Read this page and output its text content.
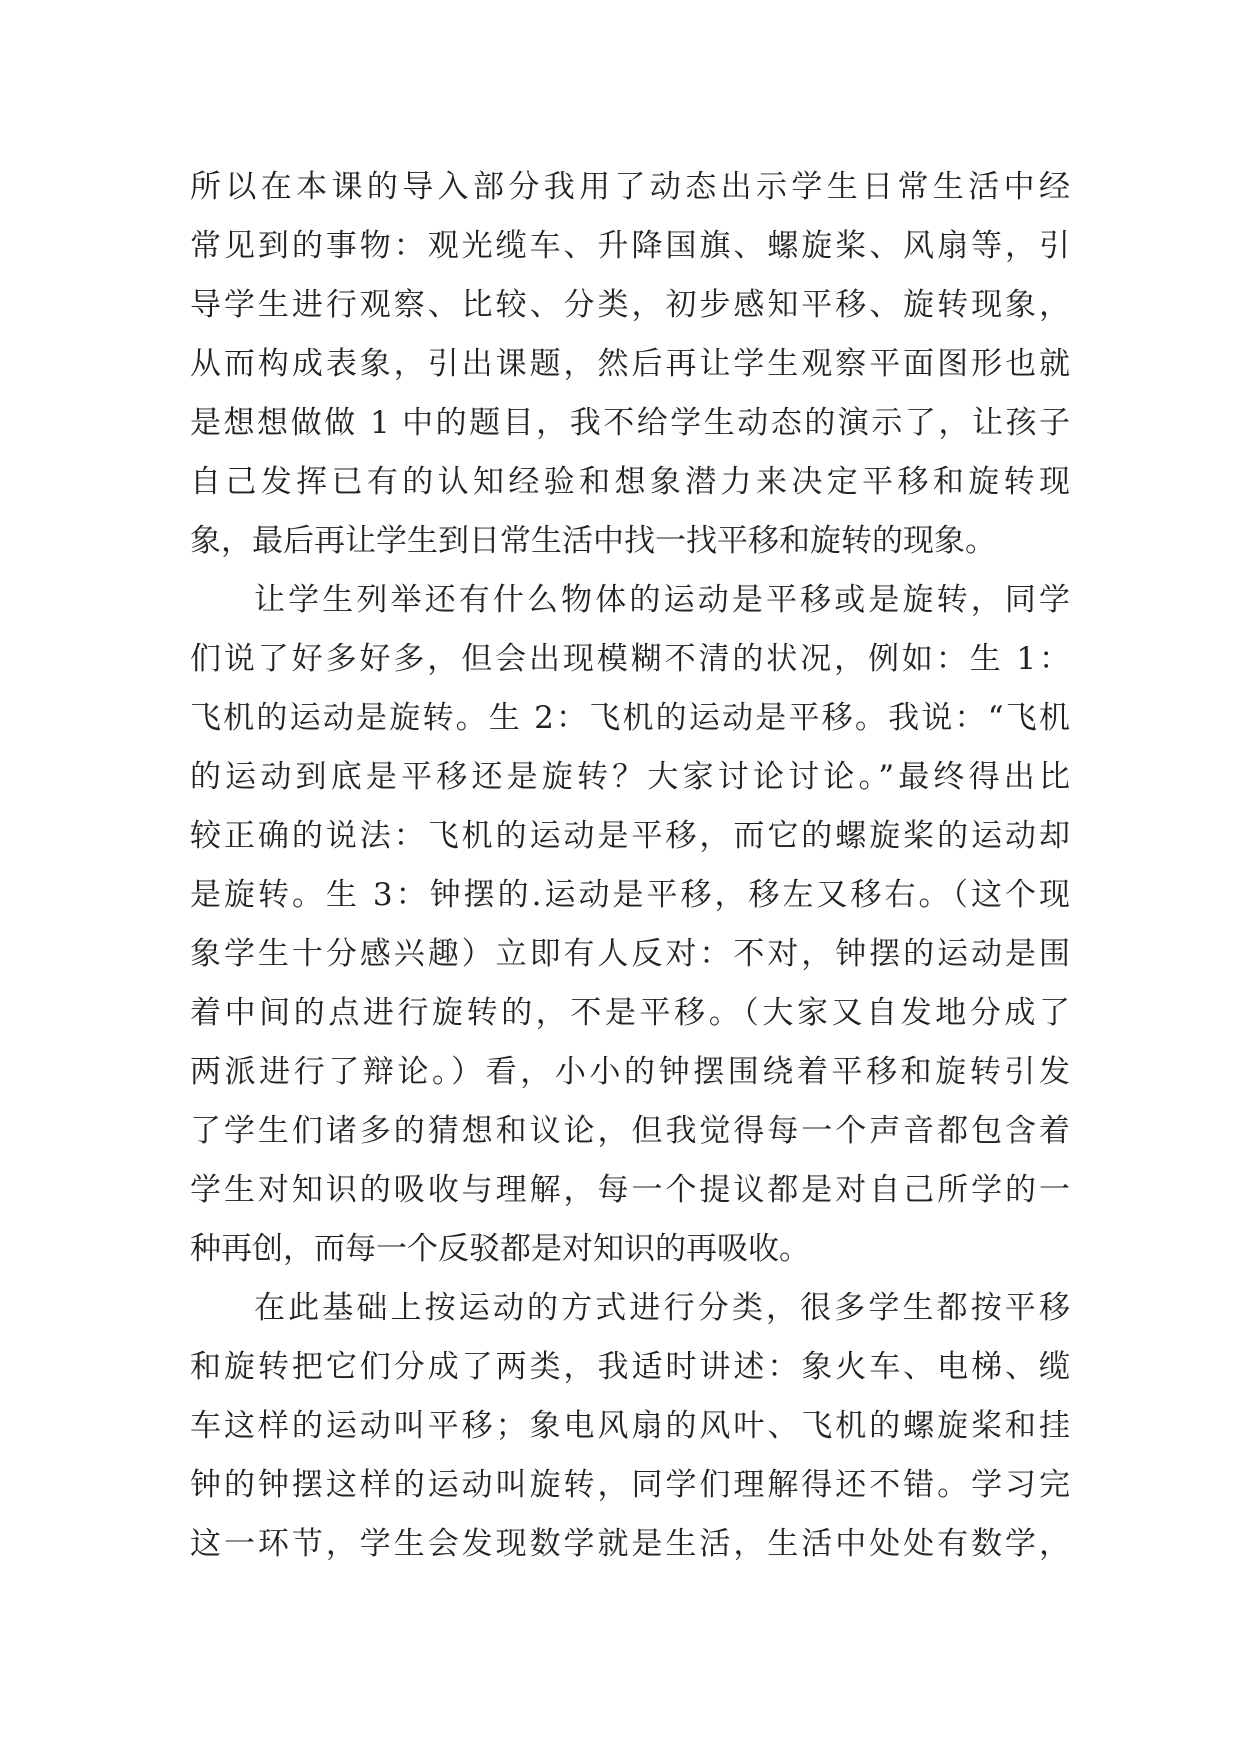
所以在本课的导入部分我用了动态出示学生日常生活中经

常见到的事物：观光缆车、升降国旗、螺旋桨、风扇等，引

导学生进行观察、比较、分类，初步感知平移、旋转现象，

从而构成表象，引出课题，然后再让学生观察平面图形也就

是想想做做 1 中的题目，我不给学生动态的演示了，让孩子

自己发挥已有的认知经验和想象潜力来决定平移和旋转现

象，最后再让学生到日常生活中找一找平移和旋转的现象。

让学生列举还有什么物体的运动是平移或是旋转，同学

们说了好多好多，但会出现模糊不清的状况，例如：生 1：

飞机的运动是旋转。生 2：飞机的运动是平移。我说：“飞机

的运动到底是平移还是旋转？大家讨论讨论。”最终得出比

较正确的说法：飞机的运动是平移，而它的螺旋桨的运动却

是旋转。生 3：钟摆的.运动是平移，移左又移右。（这个现

象学生十分感兴趣）立即有人反对：不对，钟摆的运动是围

着中间的点进行旋转的，不是平移。（大家又自发地分成了

两派进行了辩论。）看，小小的钟摆围绕着平移和旋转引发

了学生们诸多的猜想和议论，但我觉得每一个声音都包含着

学生对知识的吸收与理解，每一个提议都是对自己所学的一

种再创，而每一个反驳都是对知识的再吸收。

在此基础上按运动的方式进行分类，很多学生都按平移

和旋转把它们分成了两类，我适时讲述：象火车、电梯、缆

车这样的运动叫平移；象电风扇的风叶、飞机的螺旋桨和挂

钟的钟摆这样的运动叫旋转，同学们理解得还不错。学习完

这一环节，学生会发现数学就是生活，生活中处处有数学，
